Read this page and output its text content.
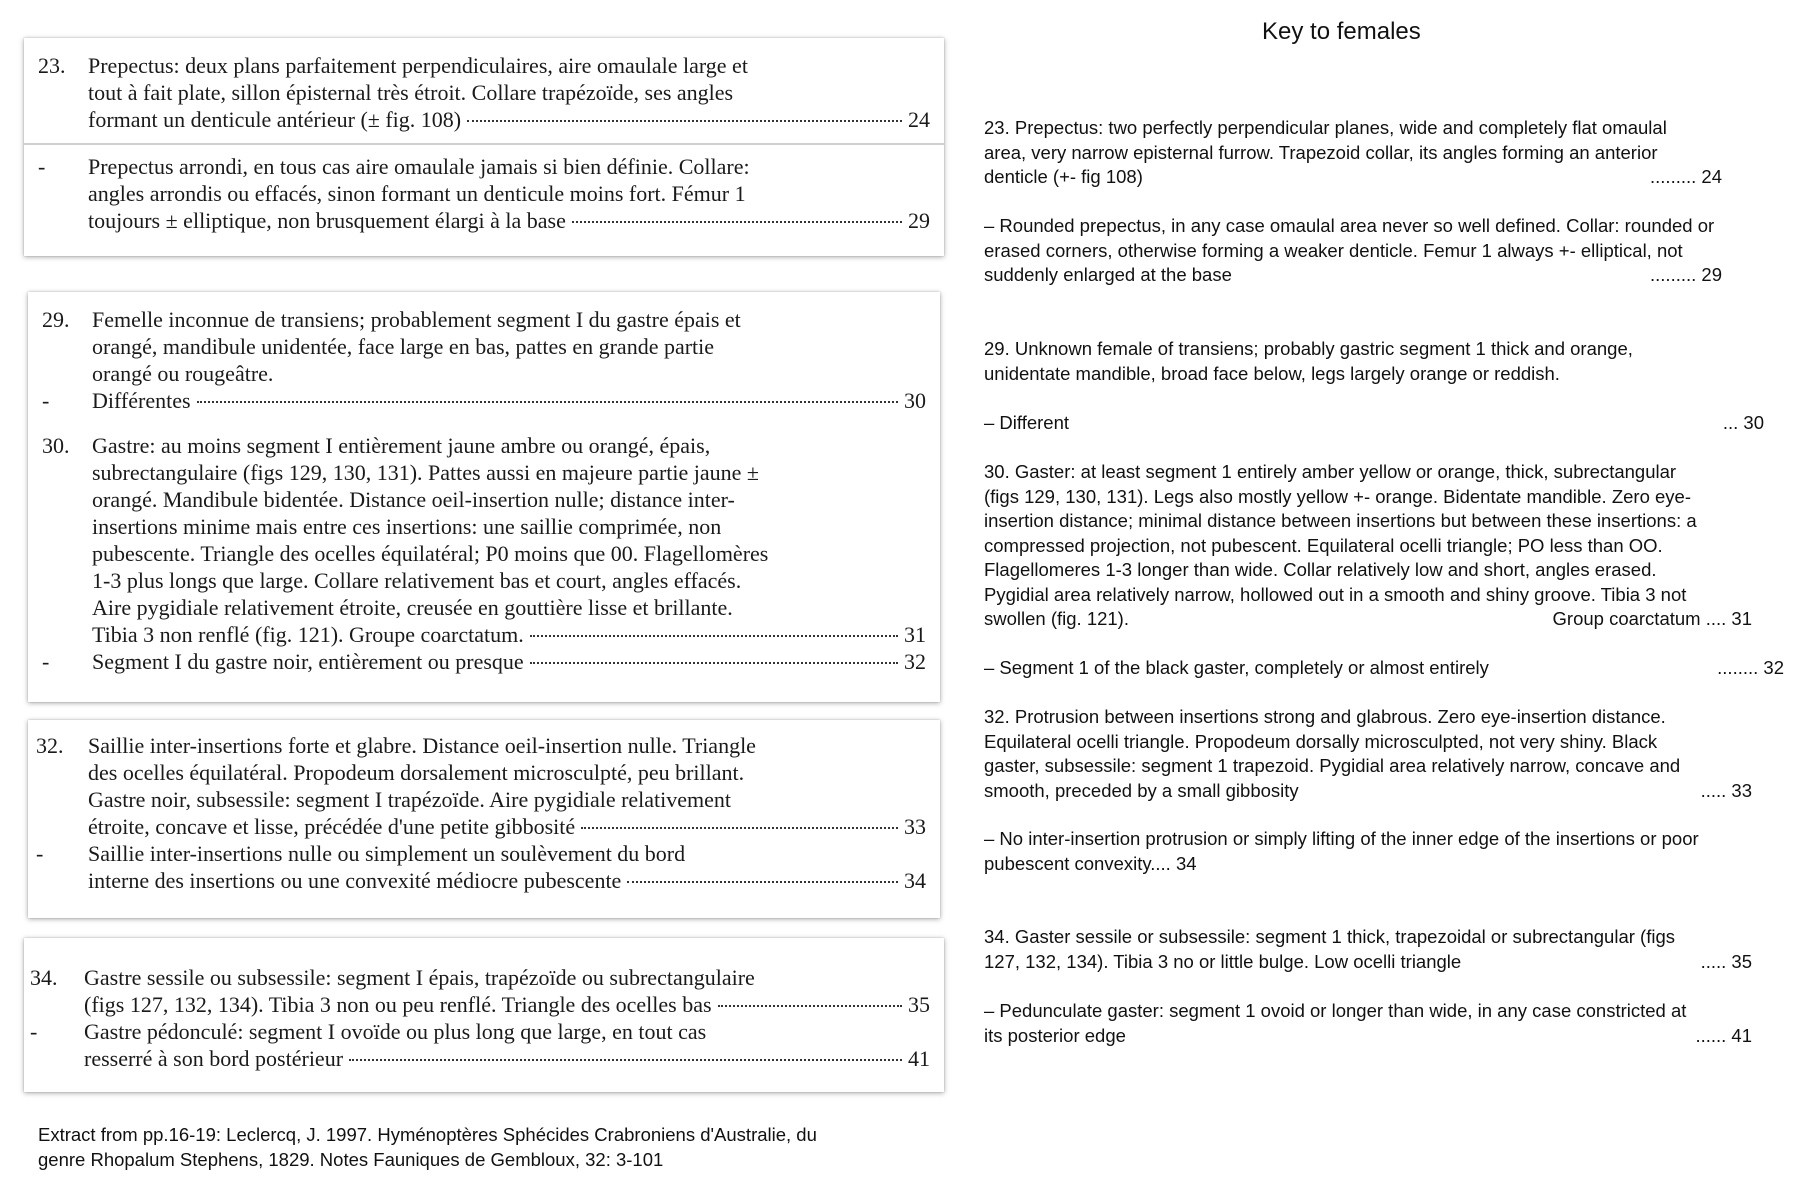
Key to females
23. Prepectus: deux plans parfaitement perpendiculaires, aire omaulale large et
tout à fait plate, sillon épisternal très étroit. Collare trapézoïde, ses angles
formant un denticule antérieur (± fig. 108)	24
- Prepectus arrondi, en tous cas aire omaulale jamais si bien définie. Collare:
angles arrondis ou effacés, sinon formant un denticule moins fort. Fémur 1
toujours ± elliptique, non brusquement élargi à la base	29
29. Femelle inconnue de transiens; probablement segment I du gastre épais et
orangé, mandibule unidentée, face large en bas, pattes en grande partie
orangé ou rougeâtre.
- Différentes	30
30. Gastre: au moins segment I entièrement jaune ambre ou orangé, épais,
subrectangulaire (figs 129, 130, 131). Pattes aussi en majeure partie jaune ±
orangé. Mandibule bidentée. Distance oeil-insertion nulle; distance inter-
insertions minime mais entre ces insertions: une saillie comprimée, non
pubescente. Triangle des ocelles équilatéral; P0 moins que 00. Flagellomères
1-3 plus longs que large. Collare relativement bas et court, angles effacés.
Aire pygidiale relativement étroite, creusée en gouttière lisse et brillante.
Tibia 3 non renflé (fig. 121). Groupe coarctatum.	31
- Segment I du gastre noir, entièrement ou presque	32
32. Saillie inter-insertions forte et glabre. Distance oeil-insertion nulle. Triangle
des ocelles équilatéral. Propodeum dorsalement microsculpté, peu brillant.
Gastre noir, subsessile: segment I trapézoïde. Aire pygidiale relativement
étroite, concave et lisse, précédée d'une petite gibbosité	33
- Saillie inter-insertions nulle ou simplement un soulèvement du bord
interne des insertions ou une convexité médiocre pubescente	34
34. Gastre sessile ou subsessile: segment I épais, trapézoïde ou subrectangulaire
(figs 127, 132, 134). Tibia 3 non ou peu renflé. Triangle des ocelles bas	35
- Gastre pédonculé: segment I ovoïde ou plus long que large, en tout cas
resserré à son bord postérieur	41
23. Prepectus: two perfectly perpendicular planes, wide and completely flat omaulal
area, very narrow episternal furrow. Trapezoid collar, its angles forming an anterior
denticle (+- fig 108)	......... 24
– Rounded prepectus, in any case omaulal area never so well defined. Collar: rounded or
erased corners, otherwise forming a weaker denticle. Femur 1 always +- elliptical, not
suddenly enlarged at the base	......... 29
29. Unknown female of transiens; probably gastric segment 1 thick and orange,
unidentate mandible, broad face below, legs largely orange or reddish.
– Different	... 30
30. Gaster: at least segment 1 entirely amber yellow or orange, thick, subrectangular
(figs 129, 130, 131). Legs also mostly yellow +- orange. Bidentate mandible. Zero eye-
insertion distance; minimal distance between insertions but between these insertions: a
compressed projection, not pubescent. Equilateral ocelli triangle; PO less than OO.
Flagellomeres 1-3 longer than wide. Collar relatively low and short, angles erased.
Pygidial area relatively narrow, hollowed out in a smooth and shiny groove. Tibia 3 not
swollen (fig. 121).	Group coarctatum .... 31
– Segment 1 of the black gaster, completely or almost entirely	........ 32
32. Protrusion between insertions strong and glabrous. Zero eye-insertion distance.
Equilateral ocelli triangle. Propodeum dorsally microsculpted, not very shiny. Black
gaster, subsessile: segment 1 trapezoid. Pygidial area relatively narrow, concave and
smooth, preceded by a small gibbosity	..... 33
– No inter-insertion protrusion or simply lifting of the inner edge of the insertions or poor
pubescent convexity.... 34
34. Gaster sessile or subsessile: segment 1 thick, trapezoidal or subrectangular (figs
127, 132, 134). Tibia 3 no or little bulge. Low ocelli triangle	..... 35
– Pedunculate gaster: segment 1 ovoid or longer than wide, in any case constricted at
its posterior edge	...... 41
Extract from pp.16-19: Leclercq, J. 1997. Hyménoptères Sphécides Crabroniens d'Australie, du
genre Rhopalum Stephens, 1829. Notes Fauniques de Gembloux, 32: 3-101
